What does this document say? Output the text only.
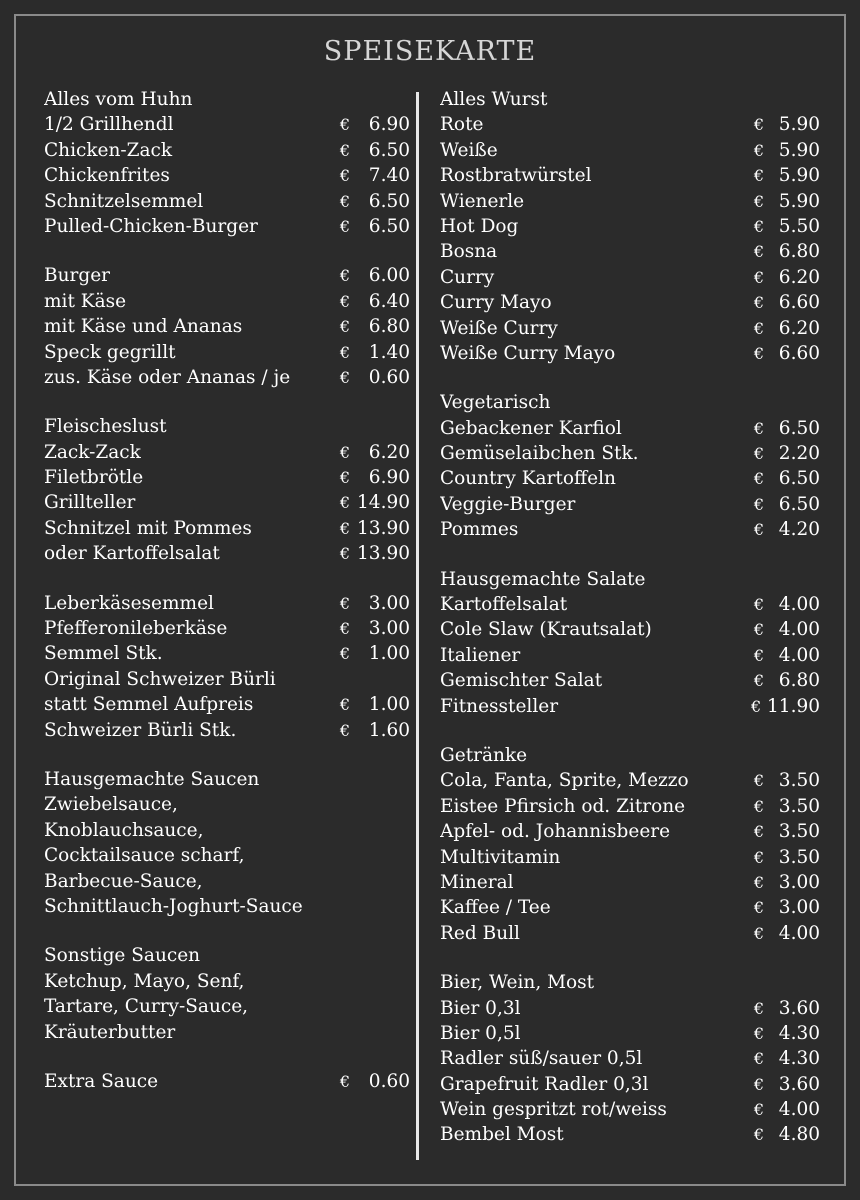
SPEISEKARTE
Alles vom Huhn
1/2 Grillhendl	€	6.90
Chicken-Zack	€	6.50
Chickenfrites	€	7.40
Schnitzelsemmel	€	6.50
Pulled-Chicken-Burger	€	6.50
Burger	€	6.00
mit Käse	€	6.40
mit Käse und Ananas	€	6.80
Speck gegrillt	€	1.40
zus. Käse oder Ananas / je	€	0.60
Fleischeslust
Zack-Zack	€	6.20
Filetbrötle	€	6.90
Grillteller	€ 14.90
Schnitzel mit Pommes	€ 13.90
oder Kartoffelsalat	€ 13.90
Leberkäsesemmel	€	3.00
Pfefferonileberkäse	€	3.00
Semmel Stk.	€	1.00
Original Schweizer Bürli
statt Semmel Aufpreis	€	1.00
Schweizer Bürli Stk.	€	1.60
Hausgemachte Saucen
Zwiebelsauce,
Knoblauchsauce,
Cocktailsauce scharf,
Barbecue-Sauce,
Schnittlauch-Joghurt-Sauce
Sonstige Saucen
Ketchup, Mayo, Senf,
Tartare, Curry-Sauce,
Kräuterbutter
Extra Sauce	€	0.60
Alles Wurst
Rote	€ 5.90
Weiße	€ 5.90
Rostbratwürstel	€ 5.90
Wienerle	€ 5.90
Hot Dog	€ 5.50
Bosna	€ 6.80
Curry	€ 6.20
Curry Mayo	€ 6.60
Weiße Curry	€ 6.20
Weiße Curry Mayo	€ 6.60
Vegetarisch
Gebackener Karfiol	€ 6.50
Gemüselaibchen Stk.	€ 2.20
Country Kartoffeln	€ 6.50
Veggie-Burger	€ 6.50
Pommes	€ 4.20
Hausgemachte Salate
Kartoffelsalat	€ 4.00
Cole Slaw (Krautsalat)	€ 4.00
Italiener	€ 4.00
Gemischter Salat	€ 6.80
Fitnessteller	€ 11.90
Getränke
Cola, Fanta, Sprite, Mezzo	€ 3.50
Eistee Pfirsich od. Zitrone	€ 3.50
Apfel- od. Johannisbeere	€ 3.50
Multivitamin	€ 3.50
Mineral	€ 3.00
Kaffee / Tee	€ 3.00
Red Bull	€ 4.00
Bier, Wein, Most
Bier 0,3l	€ 3.60
Bier 0,5l	€ 4.30
Radler süß/sauer 0,5l	€ 4.30
Grapefruit Radler 0,3l	€ 3.60
Wein gespritzt rot/weiss	€ 4.00
Bembel Most	€ 4.80
